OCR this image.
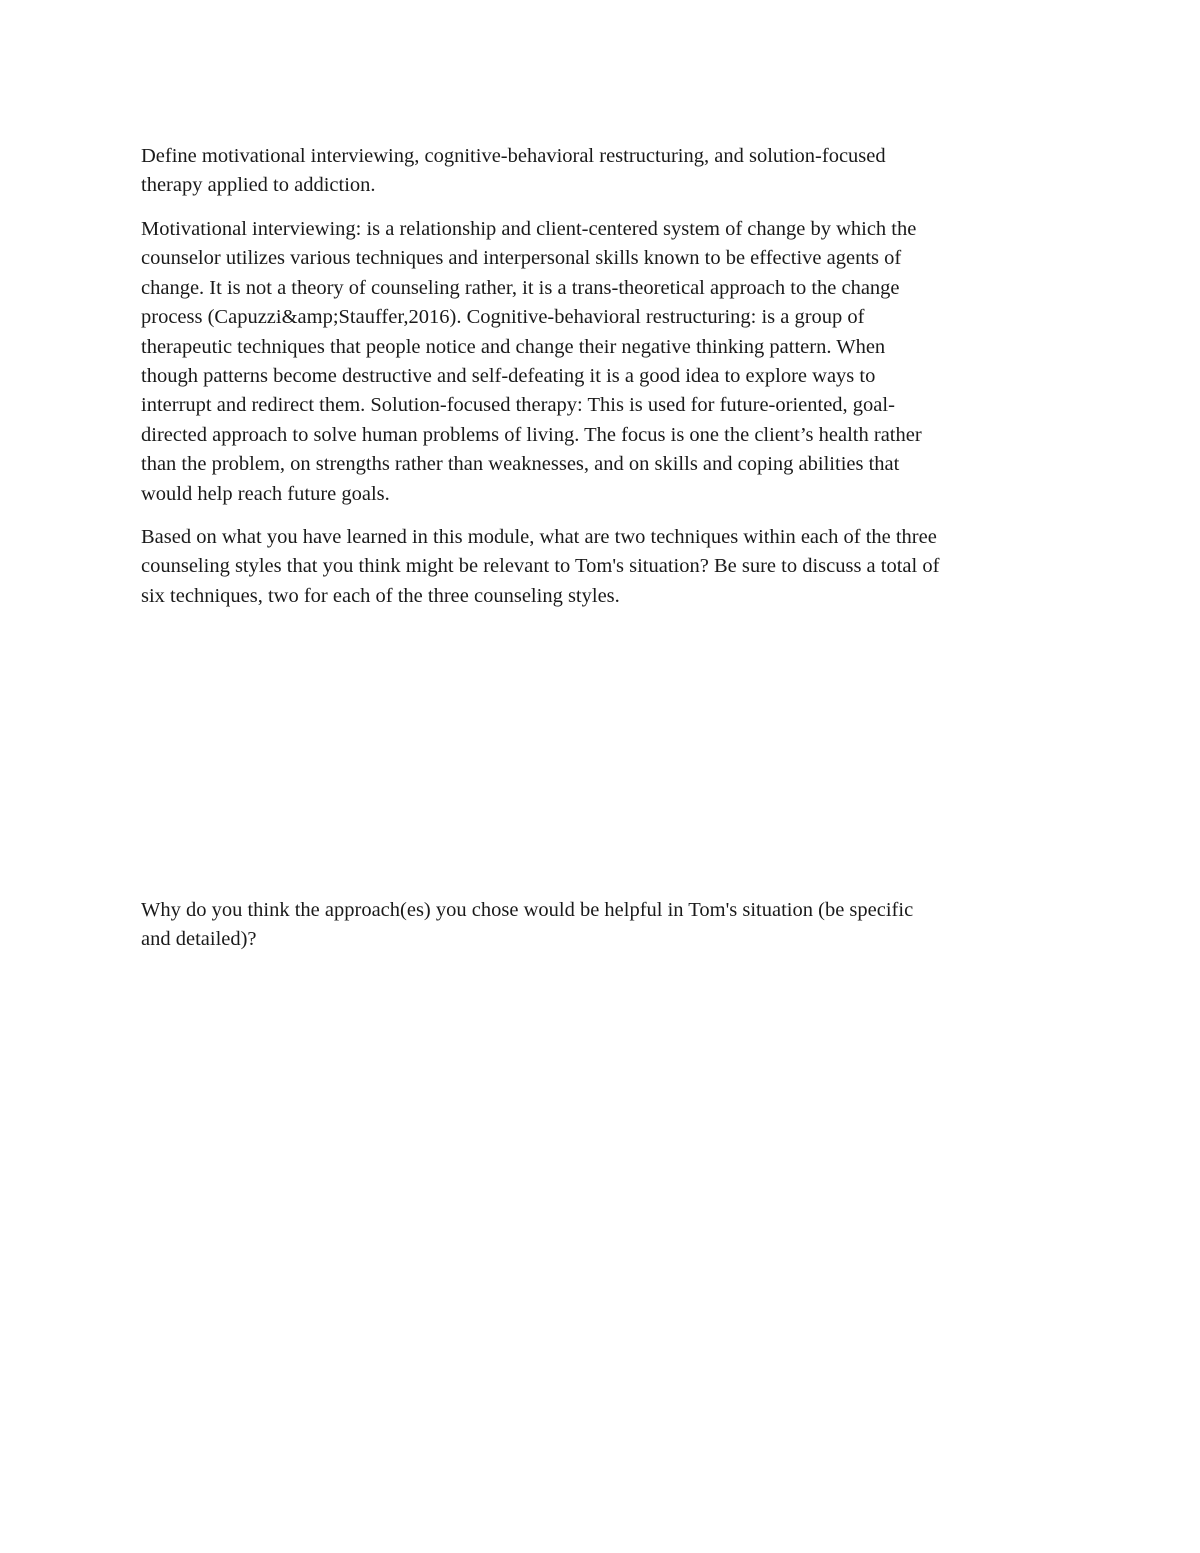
Define motivational interviewing, cognitive-behavioral restructuring, and solution-focused
therapy applied to addiction.

Motivational interviewing: is a relationship and client-centered system of change by which the
counselor utilizes various techniques and interpersonal skills known to be effective agents of
change. It is not a theory of counseling rather, it is a trans-theoretical approach to the change
process (Capuzzi&amp;Stauffer,2016). Cognitive-behavioral restructuring: is a group of
therapeutic techniques that people notice and change their negative thinking pattern. When
though patterns become destructive and self-defeating it is a good idea to explore ways to
interrupt and redirect them. Solution-focused therapy: This is used for future-oriented, goal-
directed approach to solve human problems of living. The focus is one the client’s health rather
than the problem, on strengths rather than weaknesses, and on skills and coping abilities that
would help reach future goals.

Based on what you have learned in this module, what are two techniques within each of the three
counseling styles that you think might be relevant to Tom's situation? Be sure to discuss a total of
six techniques, two for each of the three counseling styles.

Why do you think the approach(es) you chose would be helpful in Tom's situation (be specific
and detailed)?
